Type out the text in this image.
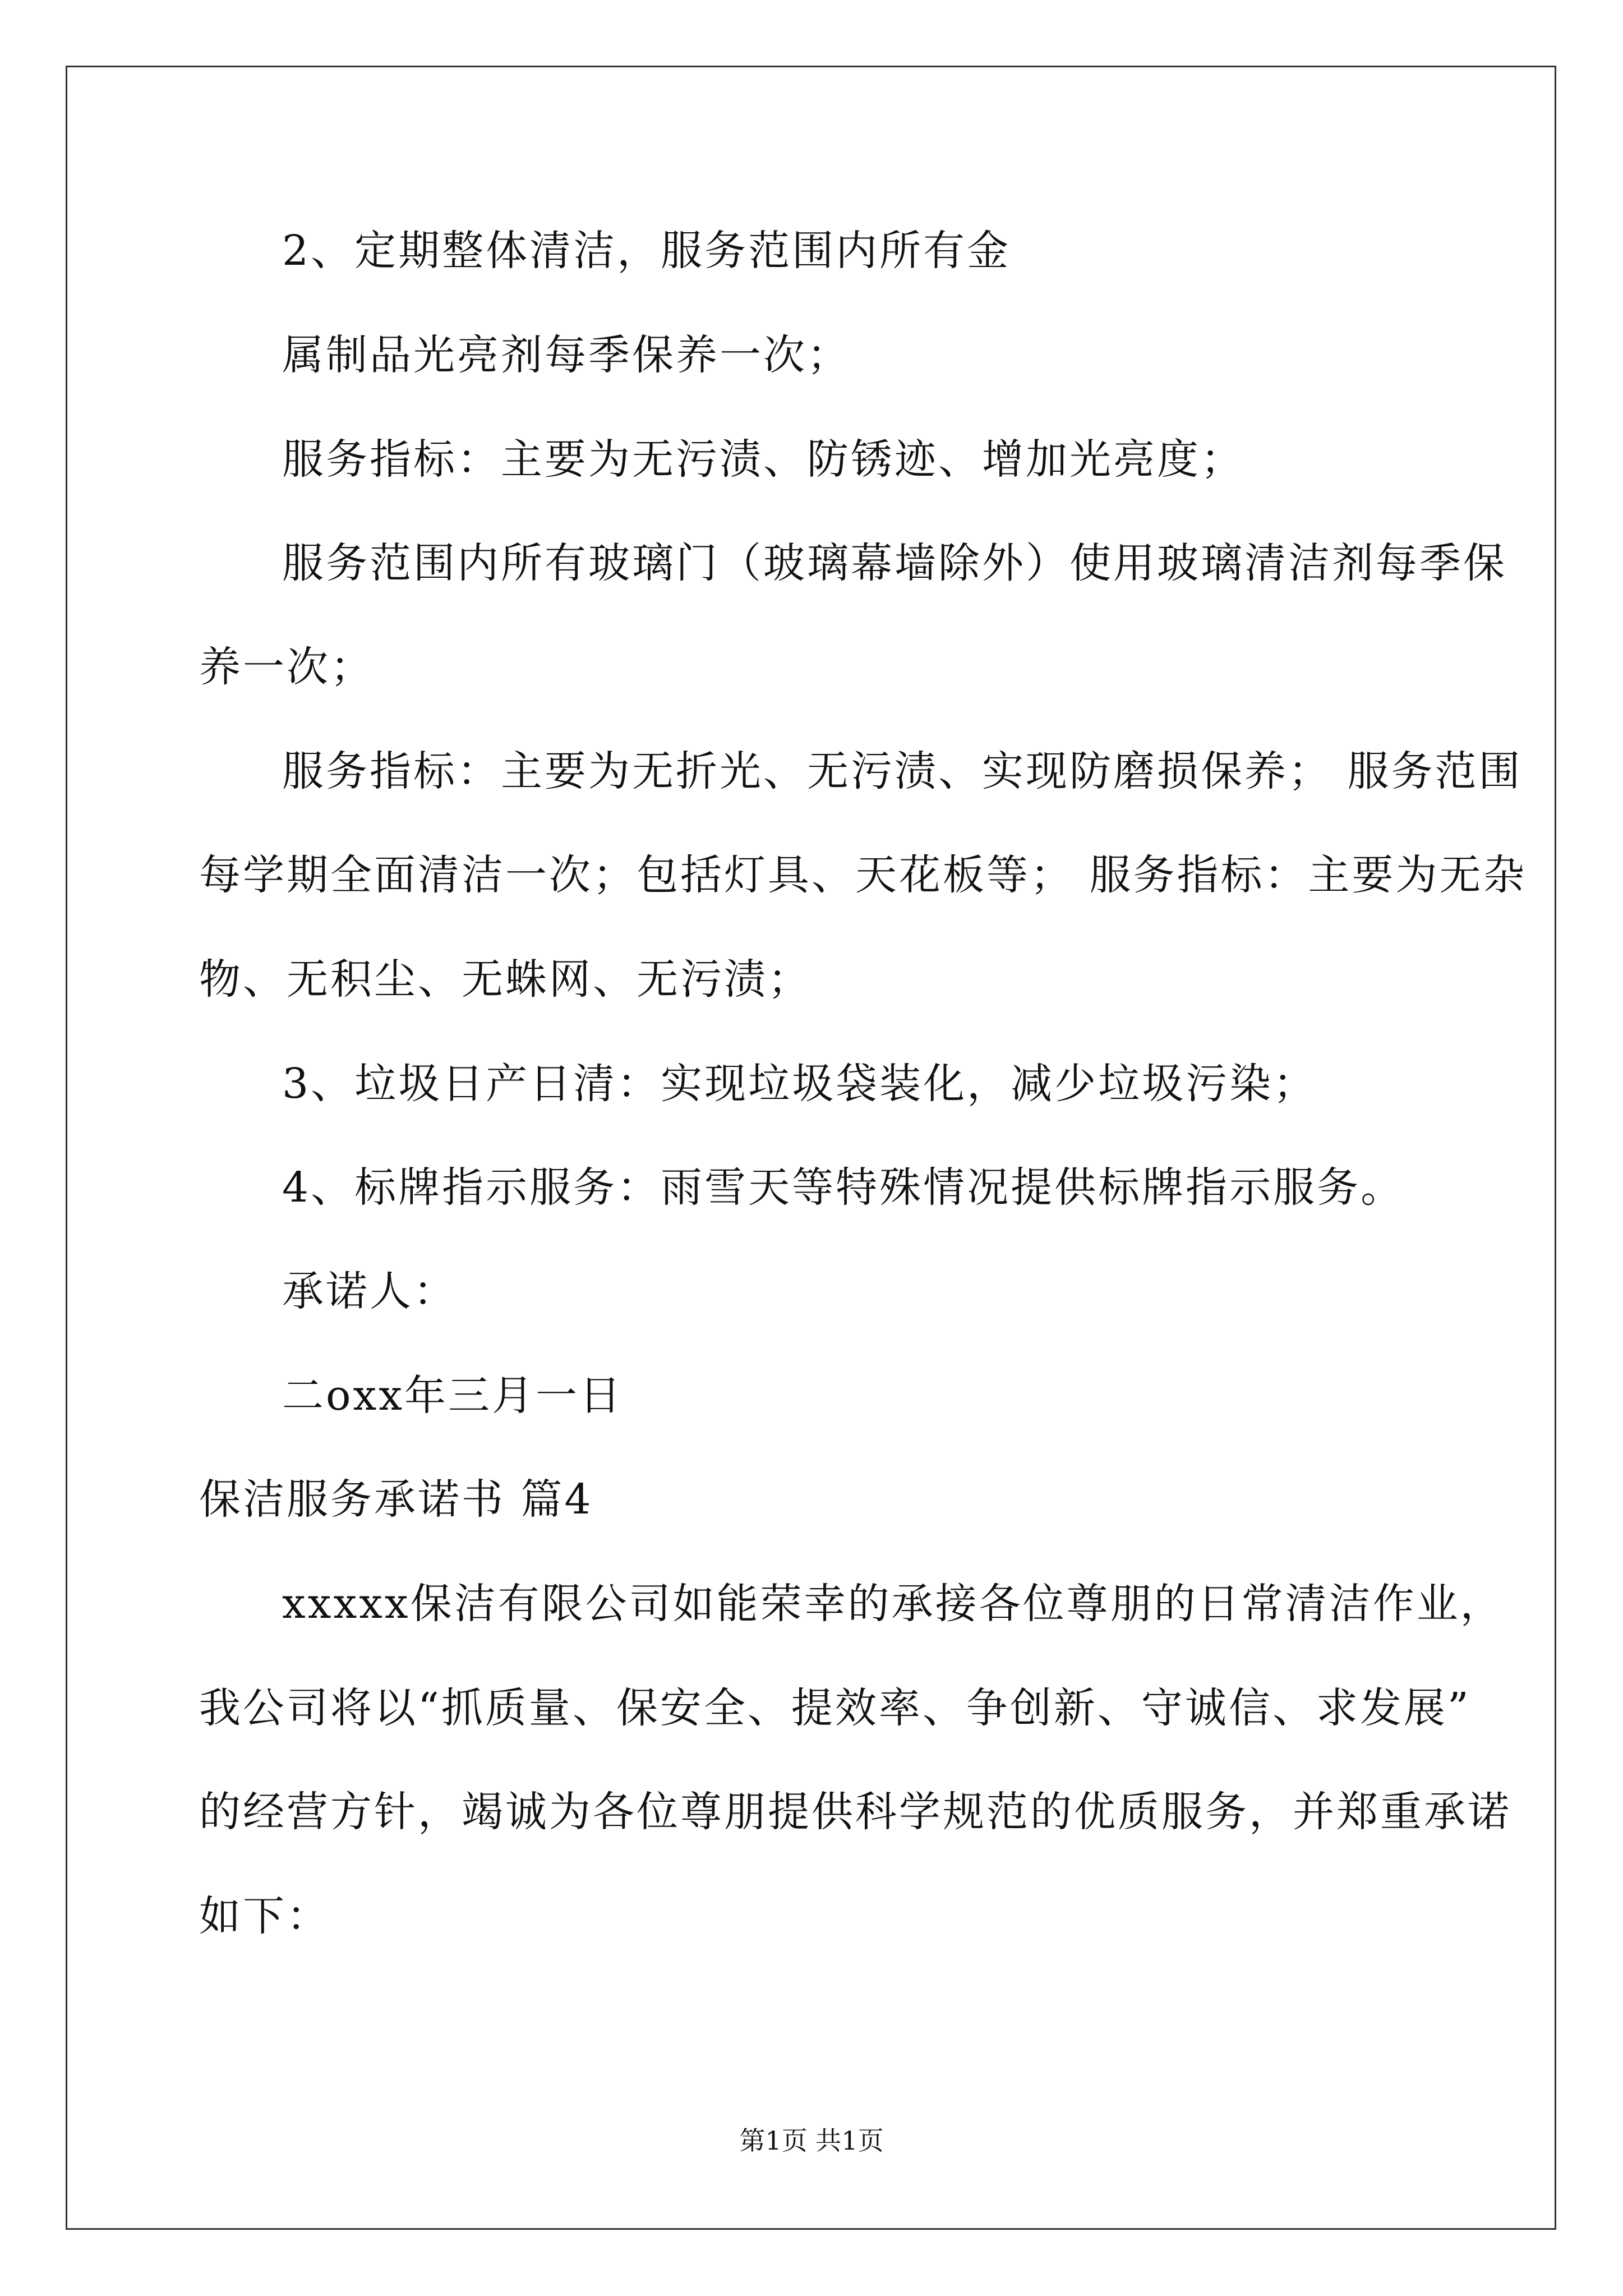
2、定期整体清洁，服务范围内所有金
属制品光亮剂每季保养一次；
服务指标：主要为无污渍、防锈迹、增加光亮度；
服务范围内所有玻璃门（玻璃幕墙除外）使用玻璃清洁剂每季保
养一次；
服务指标：主要为无折光、无污渍、实现防磨损保养； 服务范围
每学期全面清洁一次；包括灯具、天花板等； 服务指标：主要为无杂
物、无积尘、无蛛网、无污渍；
3、垃圾日产日清：实现垃圾袋装化，减少垃圾污染；
4、标牌指示服务：雨雪天等特殊情况提供标牌指示服务。
承诺人：
二oxx年三月一日
保洁服务承诺书 篇4
xxxxx保洁有限公司如能荣幸的承接各位尊朋的日常清洁作业，
我公司将以“抓质量、保安全、提效率、争创新、守诚信、求发展”
的经营方针，竭诚为各位尊朋提供科学规范的优质服务，并郑重承诺
如下：
第1页 共1页
